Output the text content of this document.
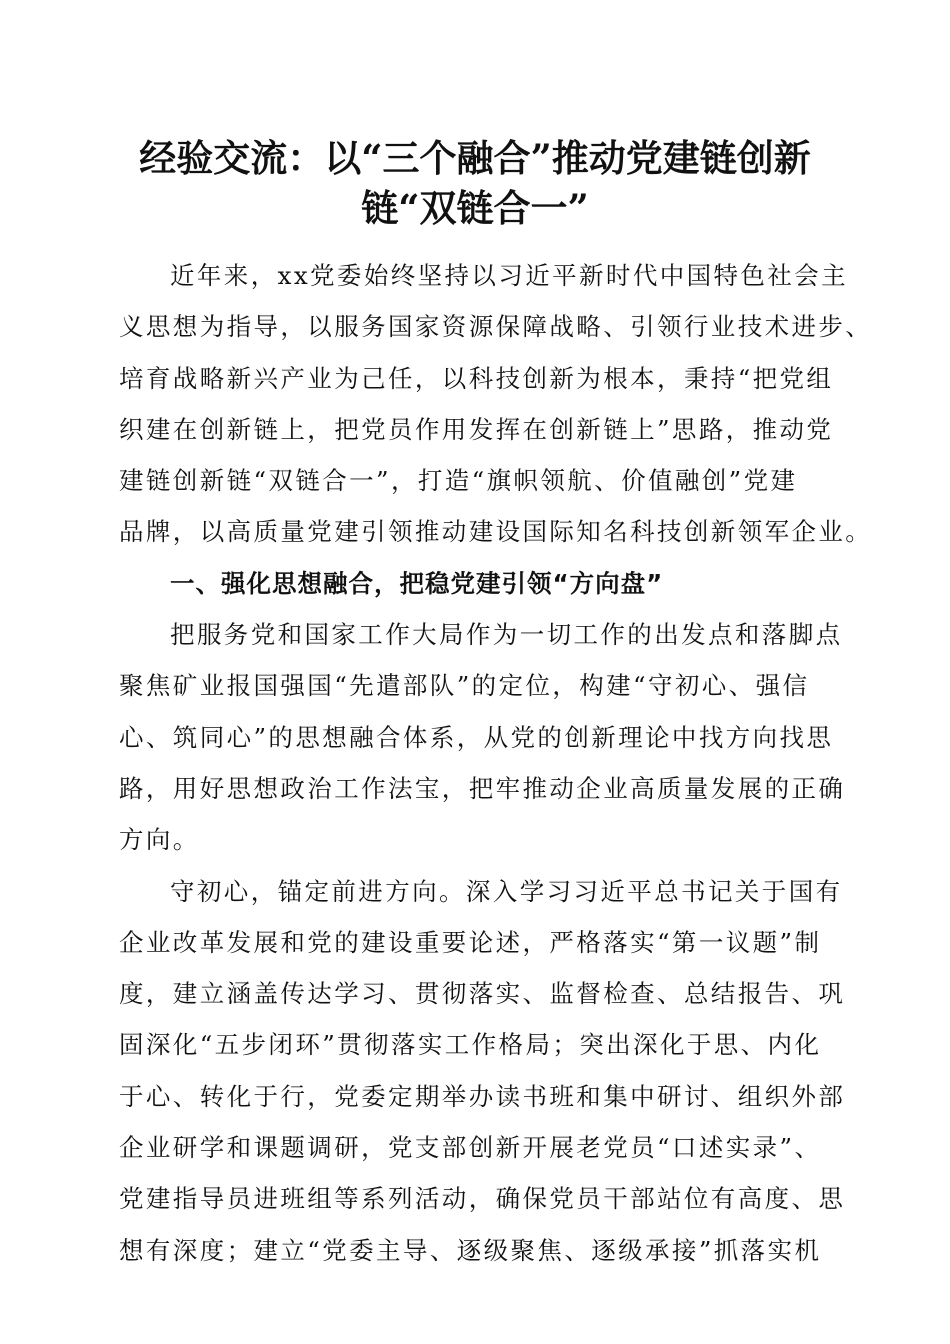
经验交流：以“三个融合”推动党建链创新
链“双链合一”
近年来，xx党委始终坚持以习近平新时代中国特色社会主
义思想为指导，以服务国家资源保障战略、引领行业技术进步、
培育战略新兴产业为己任，以科技创新为根本，秉持“把党组
织建在创新链上，把党员作用发挥在创新链上”思路，推动党
建链创新链“双链合一”，打造“旗帜领航、价值融创”党建
品牌，以高质量党建引领推动建设国际知名科技创新领军企业。
一、强化思想融合，把稳党建引领“方向盘”
把服务党和国家工作大局作为一切工作的出发点和落脚点
聚焦矿业报国强国“先遣部队”的定位，构建“守初心、强信
心、筑同心”的思想融合体系，从党的创新理论中找方向找思
路，用好思想政治工作法宝，把牢推动企业高质量发展的正确
方向。
守初心，锚定前进方向。深入学习习近平总书记关于国有
企业改革发展和党的建设重要论述，严格落实“第一议题”制
度，建立涵盖传达学习、贯彻落实、监督检查、总结报告、巩
固深化“五步闭环”贯彻落实工作格局；突出深化于思、内化
于心、转化于行，党委定期举办读书班和集中研讨、组织外部
企业研学和课题调研，党支部创新开展老党员“口述实录”、
党建指导员进班组等系列活动，确保党员干部站位有高度、思
想有深度；建立“党委主导、逐级聚焦、逐级承接”抓落实机
